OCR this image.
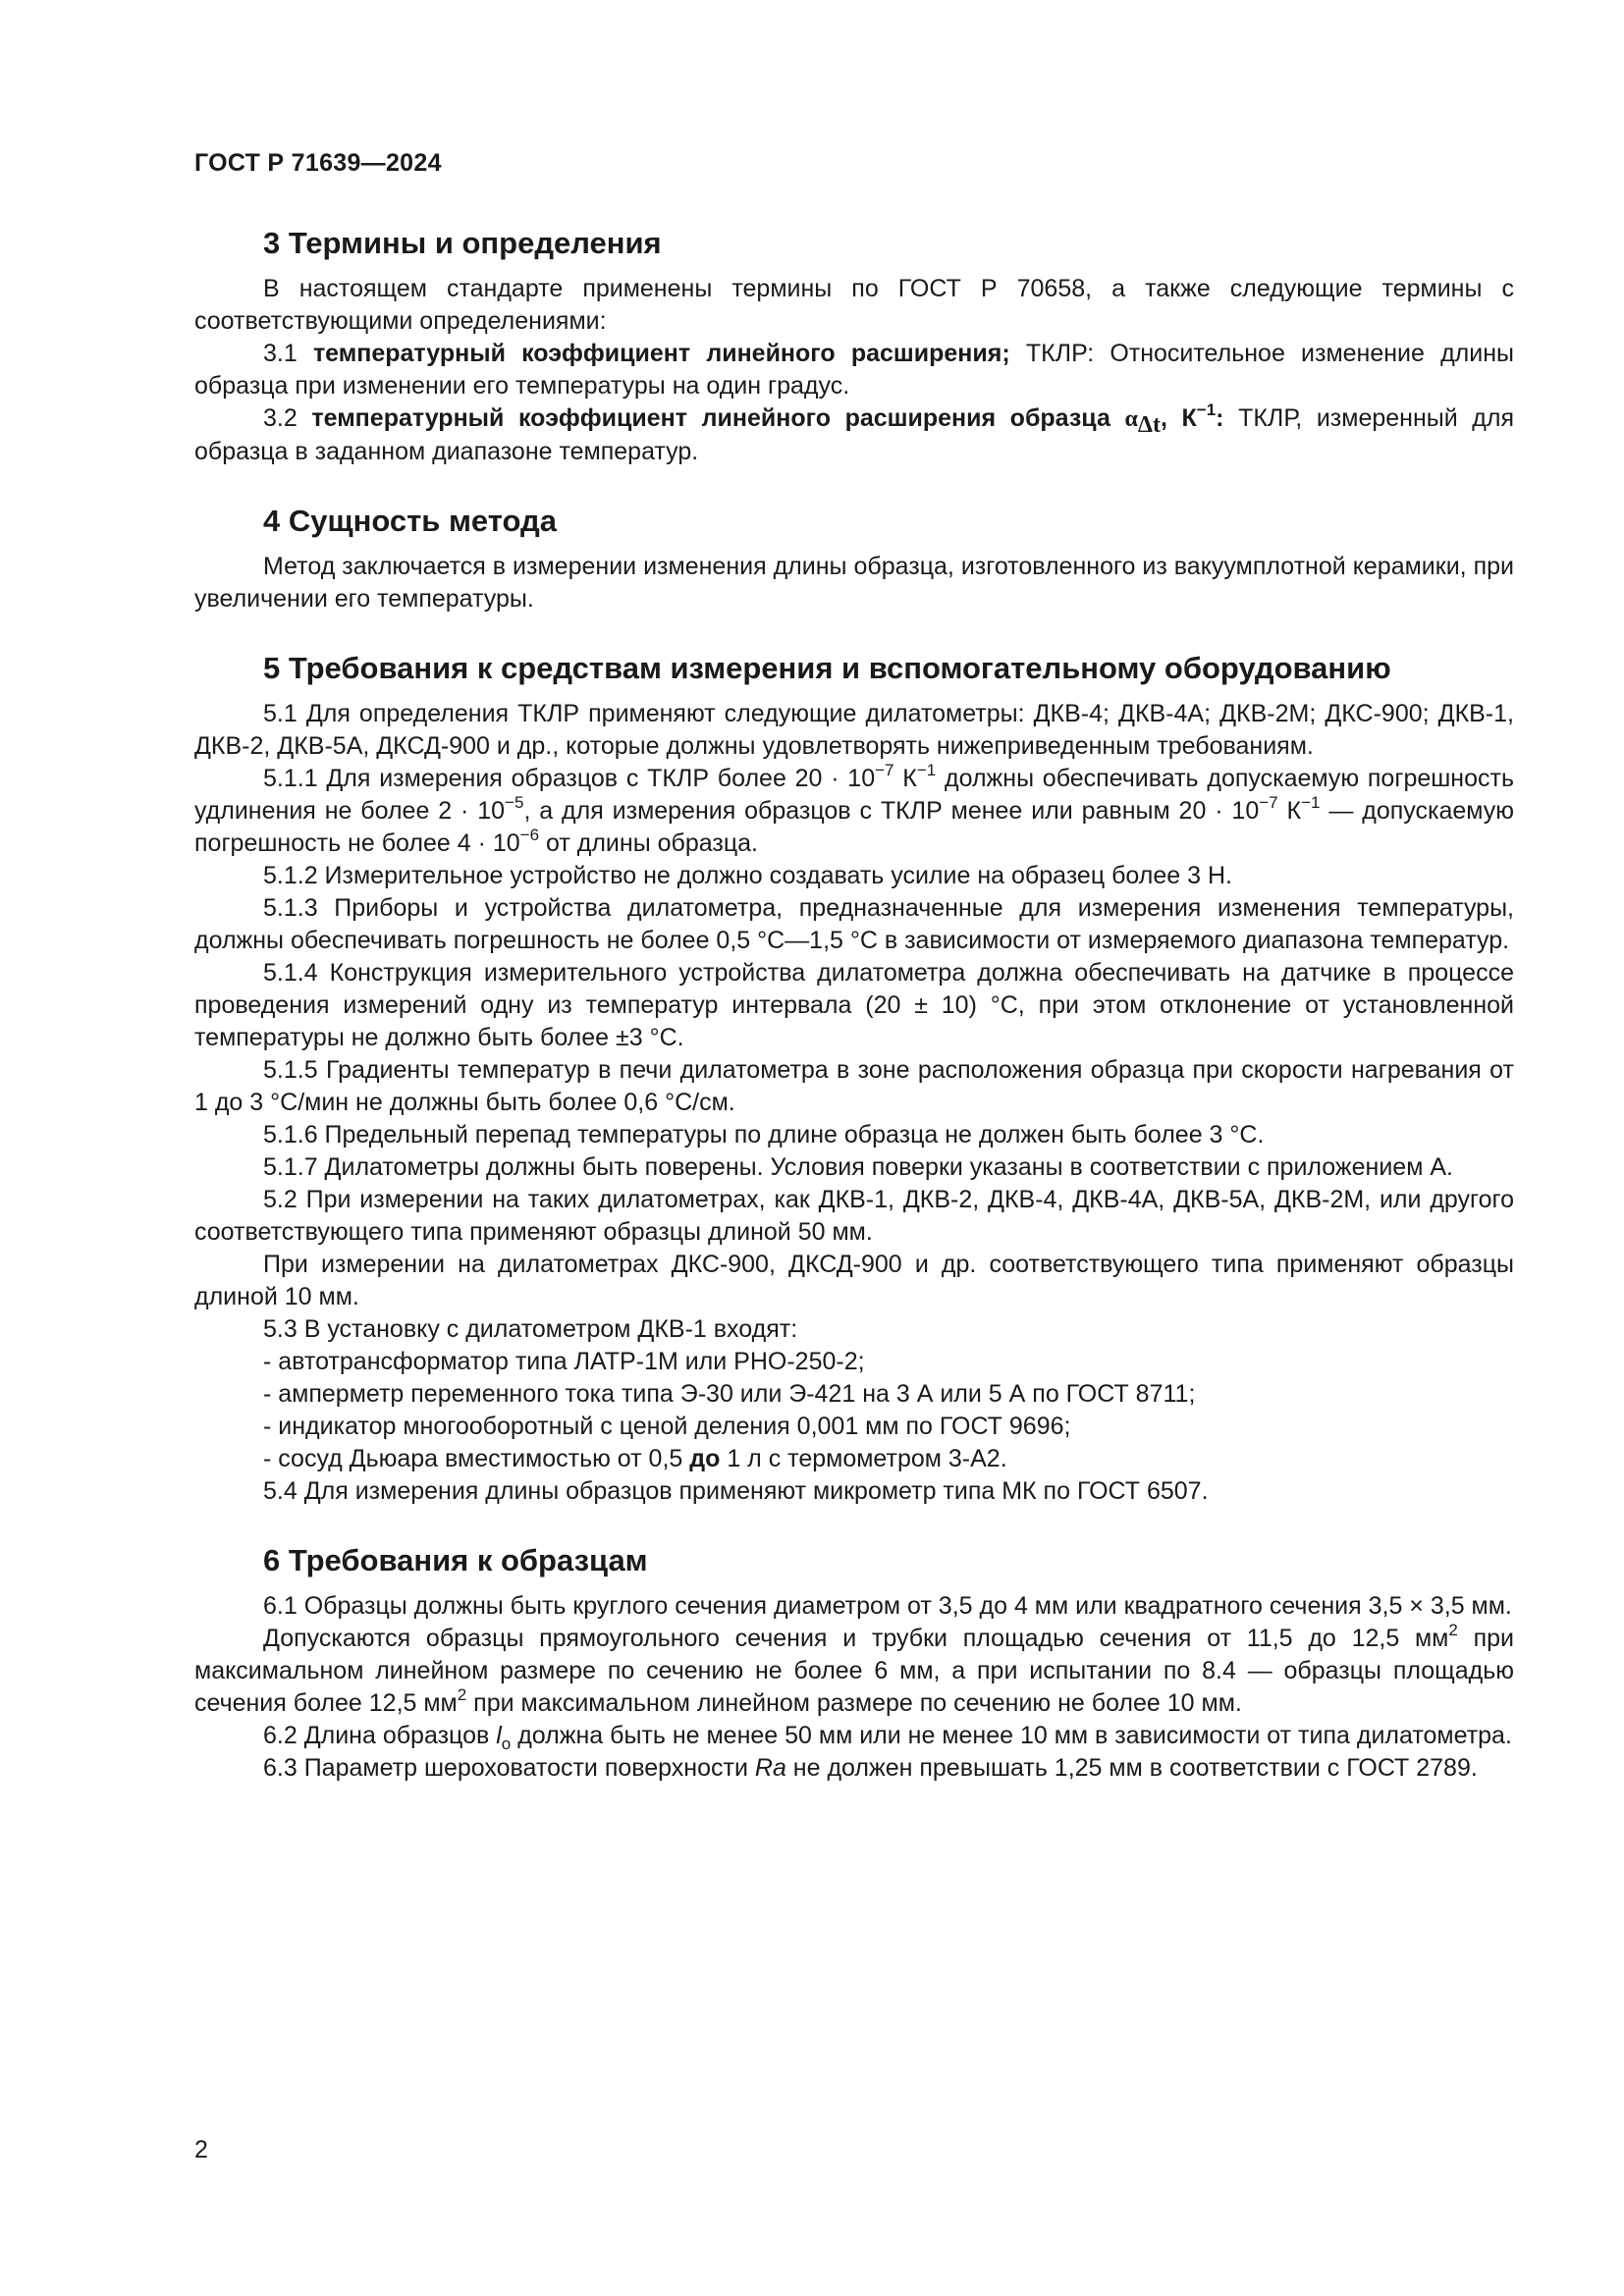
ГОСТ Р 71639—2024
3 Термины и определения

В настоящем стандарте применены термины по ГОСТ Р 70658, а также следующие термины с соответствующими определениями:

3.1 температурный коэффициент линейного расширения; ТКЛР: Относительное изменение длины образца при изменении его температуры на один градус.

3.2 температурный коэффициент линейного расширения образца $\alpha_{\Delta t}$, $К^{-1}$: ТКЛР, измеренный для образца в заданном диапазоне температур.

4 Сущность метода

Метод заключается в измерении изменения длины образца, изготовленного из вакуумплотной керамики, при увеличении его температуры.

5 Требования к средствам измерения и вспомогательному оборудованию

5.1 Для определения ТКЛР применяют следующие дилатометры: ДКВ-4; ДКВ-4А; ДКВ-2М; ДКС-900; ДКВ-1, ДКВ-2, ДКВ-5А, ДКСД-900 и др., которые должны удовлетворять нижеприведенным требованиям.

5.1.1 Для измерения образцов с ТКЛР более $20 \cdot 10^{-7}$ $К^{-1}$ должны обеспечивать допускаемую погрешность удлинения не более $2 \cdot 10^{-5}$, а для измерения образцов с ТКЛР менее или равным $20 \cdot 10^{-7}$ $К^{-1}$ — допускаемую погрешность не более $4 \cdot 10^{-6}$ от длины образца.

5.1.2 Измерительное устройство не должно создавать усилие на образец более 3 Н.

5.1.3 Приборы и устройства дилатометра, предназначенные для измерения изменения температуры, должны обеспечивать погрешность не более 0,5 °С—1,5 °С в зависимости от измеряемого диапазона температур.

5.1.4 Конструкция измерительного устройства дилатометра должна обеспечивать на датчике в процессе проведения измерений одну из температур интервала (20 ± 10) °С, при этом отклонение от установленной температуры не должно быть более ±3 °С.

5.1.5 Градиенты температур в печи дилатометра в зоне расположения образца при скорости нагревания от 1 до 3 °С/мин не должны быть более 0,6 °С/см.

5.1.6 Предельный перепад температуры по длине образца не должен быть более 3 °С.

5.1.7 Дилатометры должны быть поверены. Условия поверки указаны в соответствии с приложением А.

5.2 При измерении на таких дилатометрах, как ДКВ-1, ДКВ-2, ДКВ-4, ДКВ-4А, ДКВ-5А, ДКВ-2М, или другого соответствующего типа применяют образцы длиной 50 мм.

При измерении на дилатометрах ДКС-900, ДКСД-900 и др. соответствующего типа применяют образцы длиной 10 мм.

5.3 В установку с дилатометром ДКВ-1 входят:

- автотрансформатор типа ЛАТР-1М или РНО-250-2;

- амперметр переменного тока типа Э-30 или Э-421 на 3 А или 5 А по ГОСТ 8711;

- индикатор многооборотный с ценой деления 0,001 мм по ГОСТ 9696;

- сосуд Дьюара вместимостью от 0,5 до 1 л с термометром 3-А2.

5.4 Для измерения длины образцов применяют микрометр типа МК по ГОСТ 6507.

6 Требования к образцам

6.1 Образцы должны быть круглого сечения диаметром от 3,5 до 4 мм или квадратного сечения 3,5 × 3,5 мм.

Допускаются образцы прямоугольного сечения и трубки площадью сечения от 11,5 до 12,5 $мм^2$ при максимальном линейном размере по сечению не более 6 мм, а при испытании по 8.4 — образцы площадью сечения более 12,5 $мм^2$ при максимальном линейном размере по сечению не более 10 мм.

6.2 Длина образцов $l_o$ должна быть не менее 50 мм или не менее 10 мм в зависимости от типа дилатометра.

6.3 Параметр шероховатости поверхности Ra не должен превышать 1,25 мм в соответствии с ГОСТ 2789.

2
